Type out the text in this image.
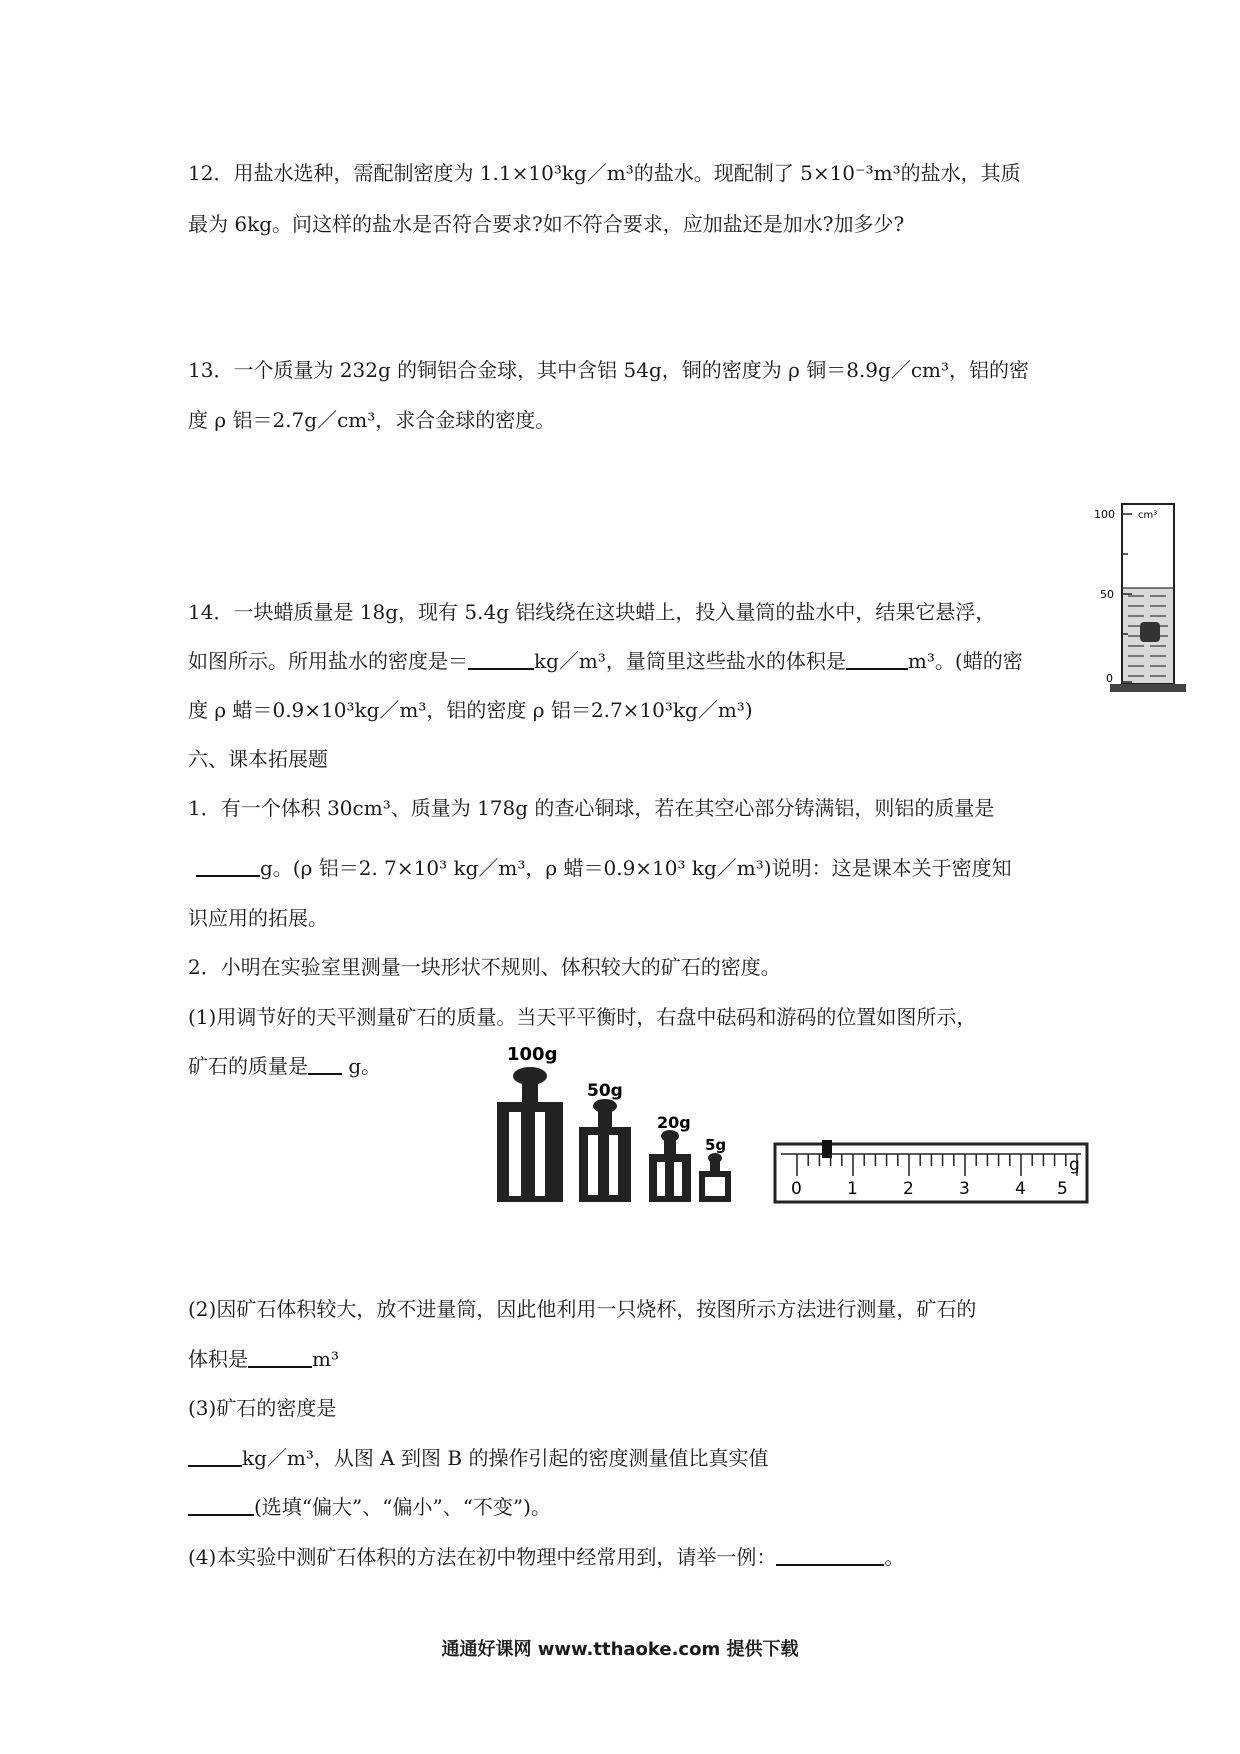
12．用盐水选种，需配制密度为 1.1×10³kg／m³的盐水。现配制了 5×10⁻³m³的盐水，其质
最为 6kg。问这样的盐水是否符合要求?如不符合要求，应加盐还是加水?加多少?
13．一个质量为 232g 的铜铝合金球，其中含铝 54g，铜的密度为 ρ 铜＝8.9g／cm³，铝的密
度 ρ 铝＝2.7g／cm³，求合金球的密度。
100
50
0
cm³
14．一块蜡质量是 18g，现有 5.4g 铝线绕在这块蜡上，投入量筒的盐水中，结果它悬浮，
如图所示。所用盐水的密度是＝	kg／m³，量筒里这些盐水的体积是	m³。(蜡的密
度 ρ 蜡＝0.9×10³kg／m³，铝的密度 ρ 铝＝2.7×10³kg／m³)
六、课本拓展题
1．有一个体积 30cm³、质量为 178g 的查心铜球，若在其空心部分铸满铝，则铝的质量是
g。(ρ 铝＝2. 7×10³ kg／m³，ρ 蜡＝0.9×10³ kg／m³)说明：这是课本关于密度知
识应用的拓展。
2．小明在实验室里测量一块形状不规则、体积较大的矿石的密度。
(1)用调节好的天平测量矿石的质量。当天平平衡时，右盘中砝码和游码的位置如图所示，
矿石的质量是 g。	100g
50g
20g
5g
0	1	2	3	4 5
g
(2)因矿石体积较大，放不进量筒，因此他利用一只烧杯，按图所示方法进行测量，矿石的
体积是	m³
(3)矿石的密度是
kg／m³，从图 A 到图 B 的操作引起的密度测量值比真实值
(选填“偏大”、“偏小”、“不变”)。
(4)本实验中测矿石体积的方法在初中物理中经常用到，请举一例：	。
通通好课网 www.tthaoke.com 提供下载
